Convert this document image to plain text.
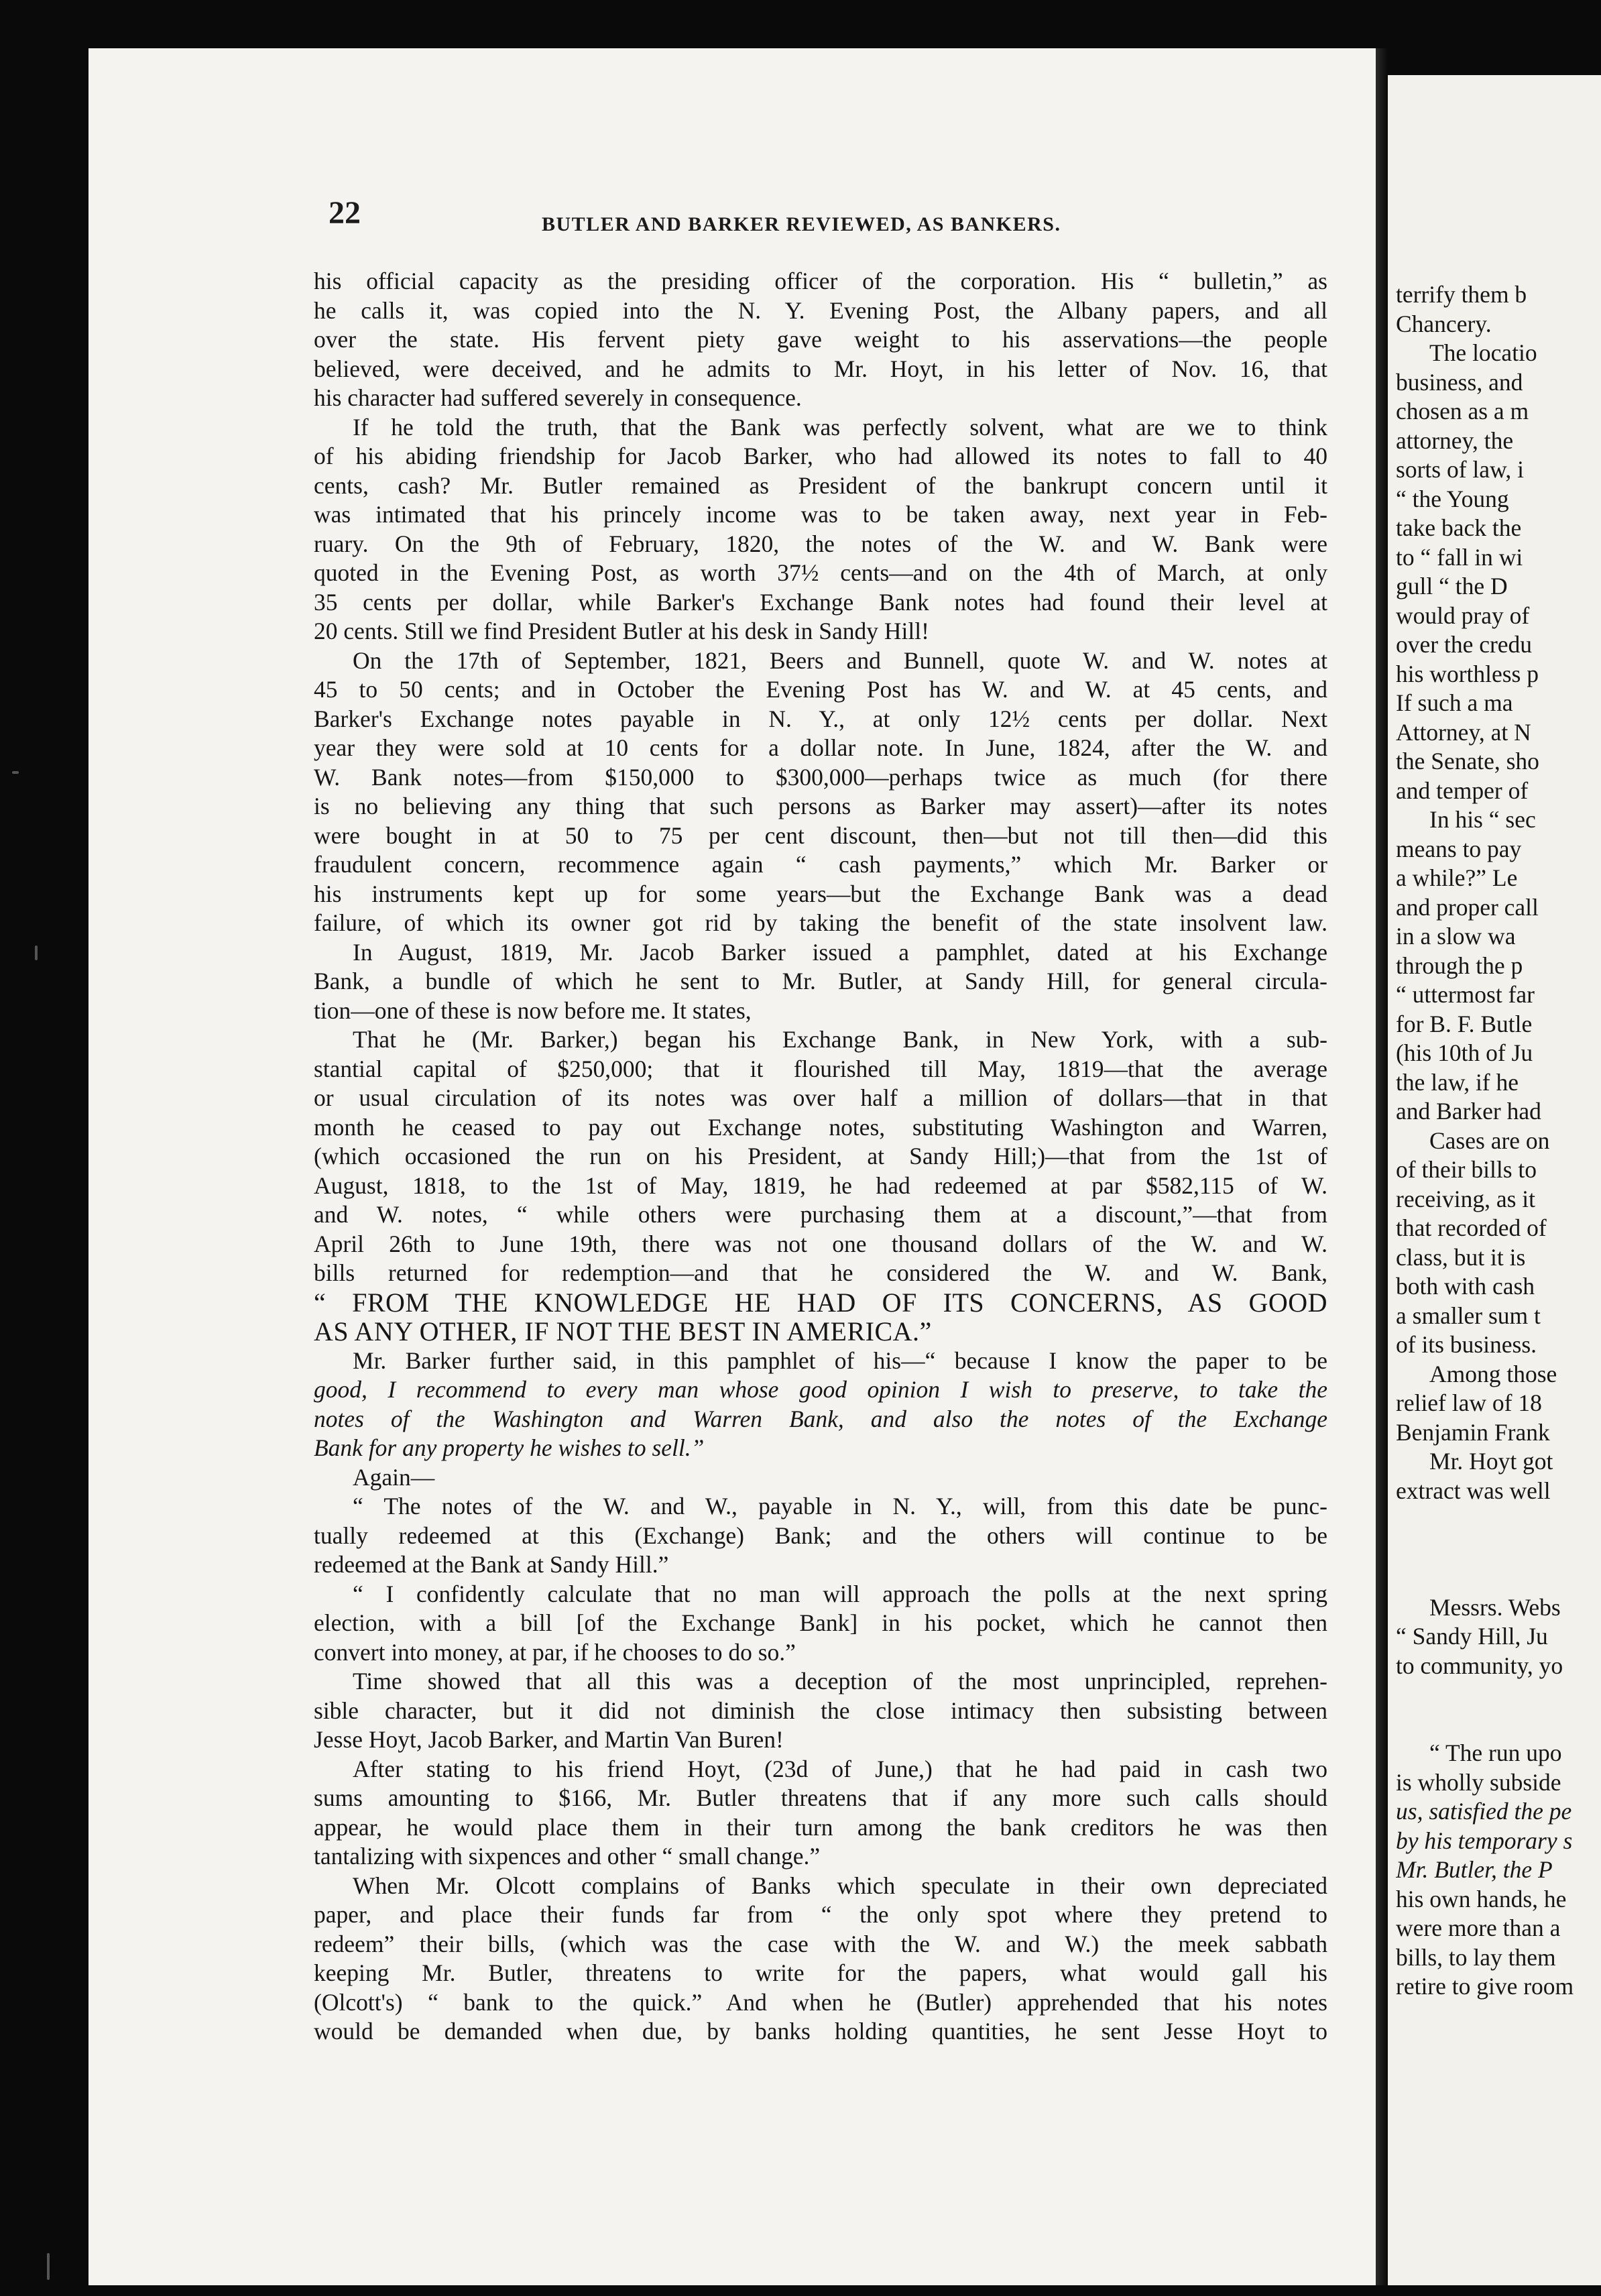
22	BUTLER AND BARKER REVIEWED, AS BANKERS.
his official capacity as the presiding officer of the corporation. His “ bulletin,” as
he calls it, was copied into the N. Y. Evening Post, the Albany papers, and all
over the state. His fervent piety gave weight to his asservations—the people
believed, were deceived, and he admits to Mr. Hoyt, in his letter of Nov. 16, that
his character had suffered severely in consequence.
If he told the truth, that the Bank was perfectly solvent, what are we to think
of his abiding friendship for Jacob Barker, who had allowed its notes to fall to 40
cents, cash? Mr. Butler remained as President of the bankrupt concern until it
was intimated that his princely income was to be taken away, next year in Feb-
ruary. On the 9th of February, 1820, the notes of the W. and W. Bank were
quoted in the Evening Post, as worth 37½ cents—and on the 4th of March, at only
35 cents per dollar, while Barker's Exchange Bank notes had found their level at
20 cents. Still we find President Butler at his desk in Sandy Hill!
On the 17th of September, 1821, Beers and Bunnell, quote W. and W. notes at
45 to 50 cents; and in October the Evening Post has W. and W. at 45 cents, and
Barker's Exchange notes payable in N. Y., at only 12½ cents per dollar. Next
year they were sold at 10 cents for a dollar note. In June, 1824, after the W. and
W. Bank notes—from $150,000 to $300,000—perhaps twice as much (for there
is no believing any thing that such persons as Barker may assert)—after its notes
were bought in at 50 to 75 per cent discount, then—but not till then—did this
fraudulent concern, recommence again “ cash payments,” which Mr. Barker or
his instruments kept up for some years—but the Exchange Bank was a dead
failure, of which its owner got rid by taking the benefit of the state insolvent law.
In August, 1819, Mr. Jacob Barker issued a pamphlet, dated at his Exchange
Bank, a bundle of which he sent to Mr. Butler, at Sandy Hill, for general circula-
tion—one of these is now before me. It states,
That he (Mr. Barker,) began his Exchange Bank, in New York, with a sub-
stantial capital of $250,000; that it flourished till May, 1819—that the average
or usual circulation of its notes was over half a million of dollars—that in that
month he ceased to pay out Exchange notes, substituting Washington and Warren,
(which occasioned the run on his President, at Sandy Hill;)—that from the 1st of
August, 1818, to the 1st of May, 1819, he had redeemed at par $582,115 of W.
and W. notes, “ while others were purchasing them at a discount,”—that from
April 26th to June 19th, there was not one thousand dollars of the W. and W.
bills returned for redemption—and that he considered the W. and W. Bank,
“ FROM THE KNOWLEDGE HE HAD OF ITS CONCERNS, AS GOOD
AS ANY OTHER, IF NOT THE BEST IN AMERICA.”
Mr. Barker further said, in this pamphlet of his—“ because I know the paper to be
good, I recommend to every man whose good opinion I wish to preserve, to take the
notes of the Washington and Warren Bank, and also the notes of the Exchange
Bank for any property he wishes to sell.”
Again—
“ The notes of the W. and W., payable in N. Y., will, from this date be punc-
tually redeemed at this (Exchange) Bank; and the others will continue to be
redeemed at the Bank at Sandy Hill.”
“ I confidently calculate that no man will approach the polls at the next spring
election, with a bill [of the Exchange Bank] in his pocket, which he cannot then
convert into money, at par, if he chooses to do so.”
Time showed that all this was a deception of the most unprincipled, reprehen-
sible character, but it did not diminish the close intimacy then subsisting between
Jesse Hoyt, Jacob Barker, and Martin Van Buren!
After stating to his friend Hoyt, (23d of June,) that he had paid in cash two
sums amounting to $166, Mr. Butler threatens that if any more such calls should
appear, he would place them in their turn among the bank creditors he was then
tantalizing with sixpences and other “ small change.”
When Mr. Olcott complains of Banks which speculate in their own depreciated
paper, and place their funds far from “ the only spot where they pretend to
redeem” their bills, (which was the case with the W. and W.) the meek sabbath
keeping Mr. Butler, threatens to write for the papers, what would gall his
(Olcott's) “ bank to the quick.” And when he (Butler) apprehended that his notes
would be demanded when due, by banks holding quantities, he sent Jesse Hoyt to
terrify them b
Chancery.
The locatio
business, and
chosen as a m
attorney, the
sorts of law, i
“ the Young
take back the
to “ fall in wi
gull “ the D
would pray of
over the credu
his worthless p
If such a ma
Attorney, at N
the Senate, sho
and temper of
In his “ sec
means to pay
a while?” Le
and proper call
in a slow wa
through the p
“ uttermost far
for B. F. Butle
(his 10th of Ju
the law, if he
and Barker had
Cases are on
of their bills to
receiving, as it
that recorded of
class, but it is
both with cash
a smaller sum t
of its business.
Among those
relief law of 18
Benjamin Frank
Mr. Hoyt got
extract was well
Messrs. Webs
“ Sandy Hill, Ju
to community, yo
“ The run upo
is wholly subside
us, satisfied the pe
by his temporary s
Mr. Butler, the P
his own hands, he
were more than a
bills, to lay them
retire to give room
